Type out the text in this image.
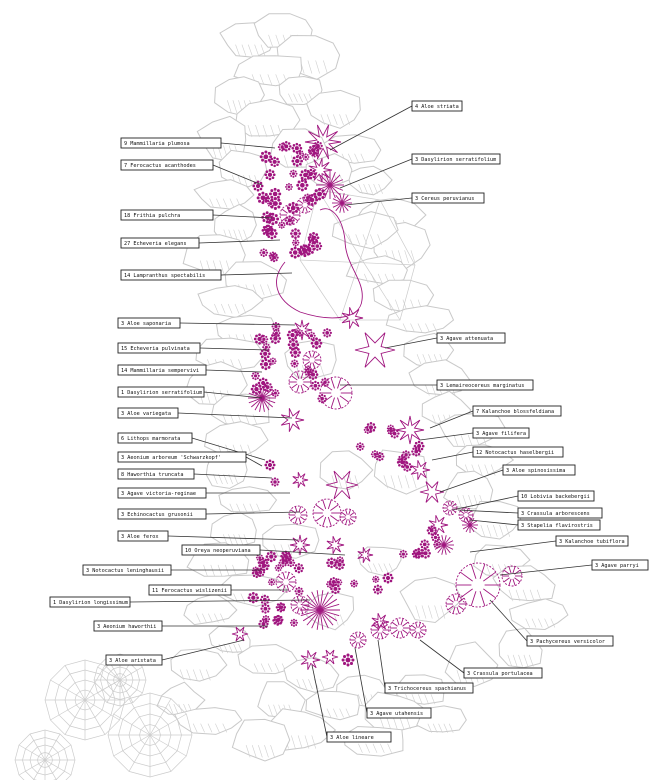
4 Aloe striata
9 Mammillaria plumosa
3 Dasylirion serratifolium
7 Ferocactus acanthodes
3 Cereus peruvianus
18 Frithia pulchra
27 Echeveria elegans
14 Lampranthus spectabilis
3 Aloe saponaria
3 Agave attenuata
15 Echeveria pulvinata
14 Mammillaria sempervivi
3 Lemaireocereus marginatus
1 Dasylirion serratifolium
3 Aloe variegata	7 Kalanchoe blossfeldiana
3 Agave filifera
6 Lithops marmorata
12 Notocactus haselbergii
3 Aeonium arboreum 'Schwarzkopf'
3 Aloe spinosissima
8 Haworthia truncata
3 Agave victoria-reginae	10 Lobivia backebergii
3 Echinocactus grusonii	3 Crassula arborescens
3 Stapelia flavirostris
3 Aloe ferox
3 Kalanchoe tubiflora
10 Oreya neoperuviana
3 Notocactus leninghausii
3 Agave parryi
11 Ferocactus wislizenii
1 Dasylirion longissimum
3 Aeonium haworthii
3 Pachycereus versicolor
3 Aloe aristata
3 Crassula portulacea
3 Trichocereus spachianus
3 Agave utahensis
3 Aloe lineare
